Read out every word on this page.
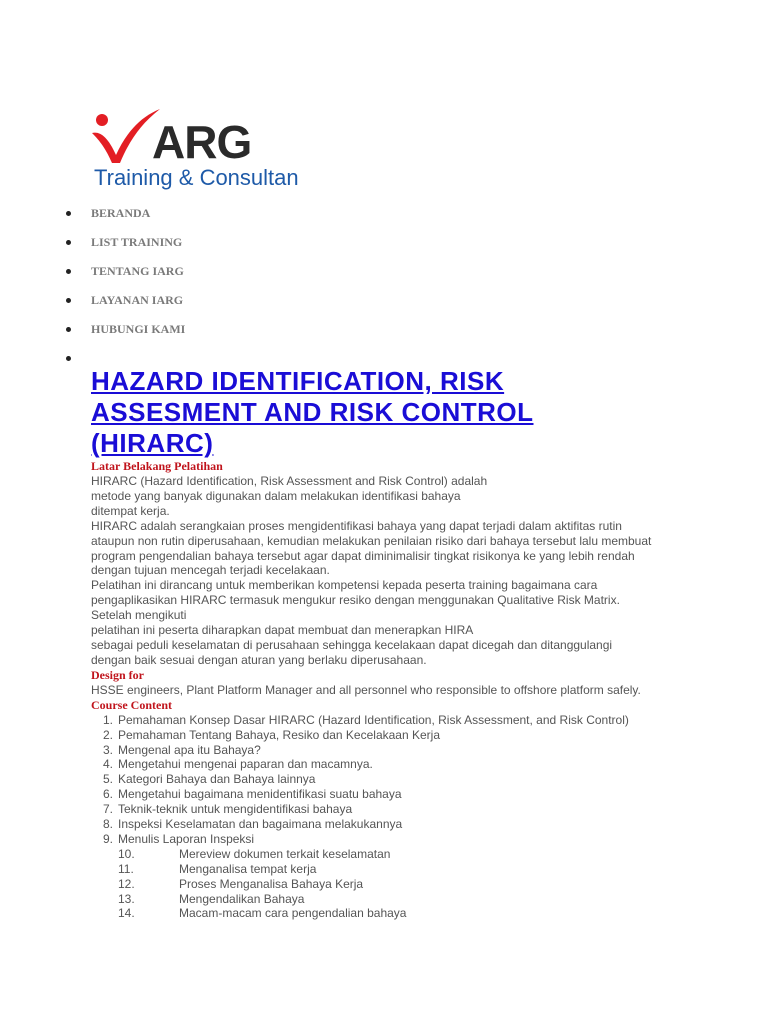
ARG
Training & Consultan
BERANDA
LIST TRAINING
TENTANG IARG
LAYANAN IARG
HUBUNGI KAMI
HAZARD IDENTIFICATION, RISK
ASSESMENT AND RISK CONTROL
(HIRARC)
Latar Belakang Pelatihan
HIRARC (Hazard Identification, Risk Assessment and Risk Control) adalah
metode yang banyak digunakan dalam melakukan identifikasi bahaya
ditempat kerja.
HIRARC adalah serangkaian proses mengidentifikasi bahaya yang dapat terjadi dalam aktifitas rutin
ataupun non rutin diperusahaan, kemudian melakukan penilaian risiko dari bahaya tersebut lalu membuat
program pengendalian bahaya tersebut agar dapat diminimalisir tingkat risikonya ke yang lebih rendah
dengan tujuan mencegah terjadi kecelakaan.
Pelatihan ini dirancang untuk memberikan kompetensi kepada peserta training bagaimana cara
pengaplikasikan HIRARC termasuk mengukur resiko dengan menggunakan Qualitative Risk Matrix.
Setelah mengikuti
pelatihan ini peserta diharapkan dapat membuat dan menerapkan HIRA
sebagai peduli keselamatan di perusahaan sehingga kecelakaan dapat dicegah dan ditanggulangi
dengan baik sesuai dengan aturan yang berlaku diperusahaan.
Design for
HSSE engineers, Plant Platform Manager and all personnel who responsible to offshore platform safely.
Course Content
1. Pemahaman Konsep Dasar HIRARC (Hazard Identification, Risk Assessment, and Risk Control)
2. Pemahaman Tentang Bahaya, Resiko dan Kecelakaan Kerja
3. Mengenal apa itu Bahaya?
4. Mengetahui mengenai paparan dan macamnya.
5. Kategori Bahaya dan Bahaya lainnya
6. Mengetahui bagaimana menidentifikasi suatu bahaya
7. Teknik-teknik untuk mengidentifikasi bahaya
8. Inspeksi Keselamatan dan bagaimana melakukannya
9. Menulis Laporan Inspeksi
10.	Mereview dokumen terkait keselamatan
11.	Menganalisa tempat kerja
12.	Proses Menganalisa Bahaya Kerja
13.	Mengendalikan Bahaya
14.	Macam-macam cara pengendalian bahaya
